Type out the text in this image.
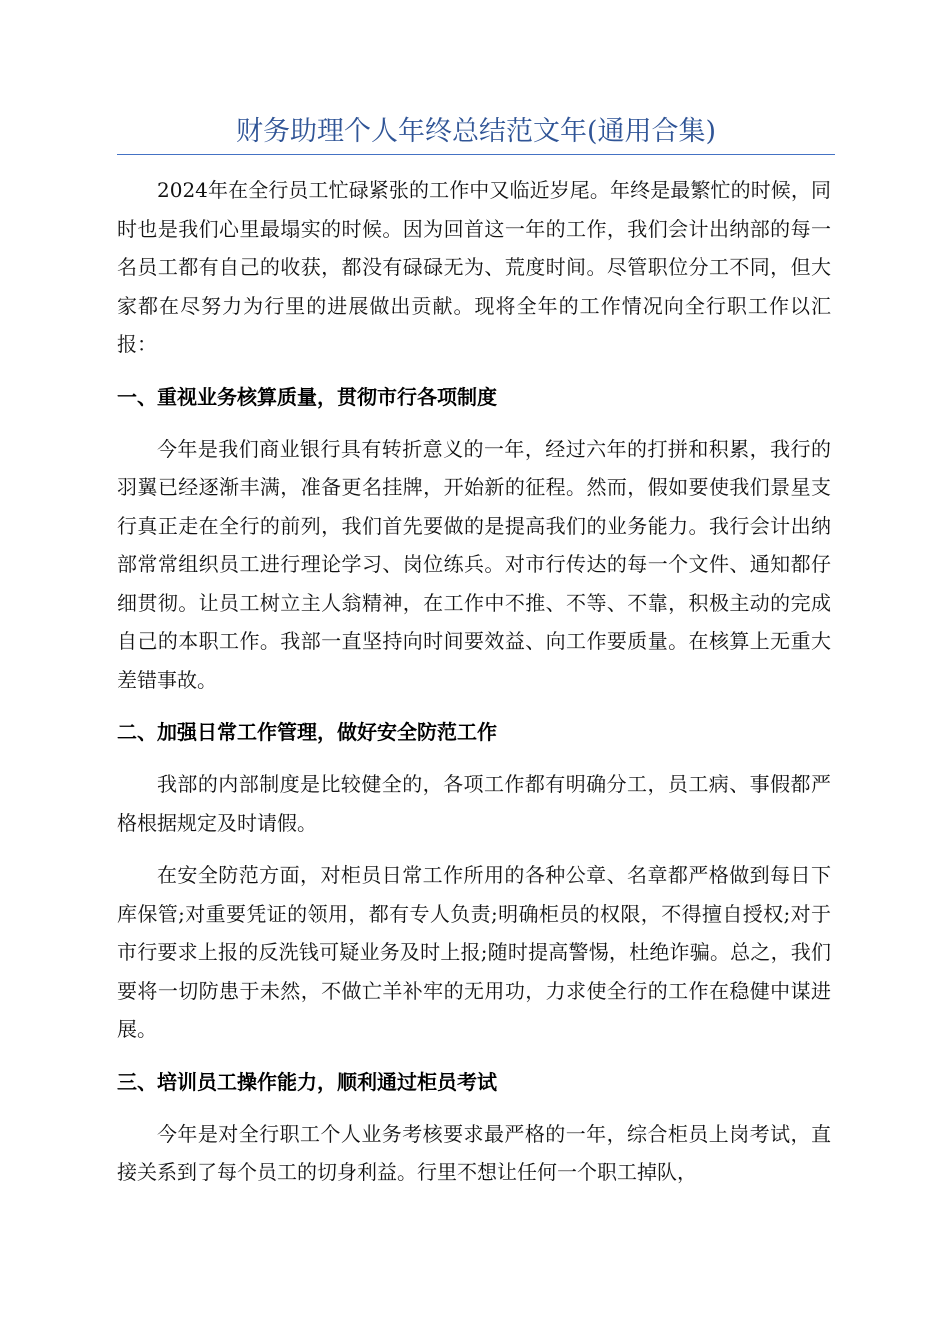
财务助理个人年终总结范文年(通用合集)

2024年在全行员工忙碌紧张的工作中又临近岁尾。年终是最繁忙的时候，同时也是我们心里最塌实的时候。因为回首这一年的工作，我们会计出纳部的每一名员工都有自己的收获，都没有碌碌无为、荒度时间。尽管职位分工不同，但大家都在尽努力为行里的进展做出贡献。现将全年的工作情况向全行职工作以汇报：

一、重视业务核算质量，贯彻市行各项制度

今年是我们商业银行具有转折意义的一年，经过六年的打拼和积累，我行的羽翼已经逐渐丰满，准备更名挂牌，开始新的征程。然而，假如要使我们景星支行真正走在全行的前列，我们首先要做的是提高我们的业务能力。我行会计出纳部常常组织员工进行理论学习、岗位练兵。对市行传达的每一个文件、通知都仔细贯彻。让员工树立主人翁精神，在工作中不推、不等、不靠，积极主动的完成自己的本职工作。我部一直坚持向时间要效益、向工作要质量。在核算上无重大差错事故。

二、加强日常工作管理，做好安全防范工作

我部的内部制度是比较健全的，各项工作都有明确分工，员工病、事假都严格根据规定及时请假。

在安全防范方面，对柜员日常工作所用的各种公章、名章都严格做到每日下库保管;对重要凭证的领用，都有专人负责;明确柜员的权限，不得擅自授权;对于市行要求上报的反洗钱可疑业务及时上报;随时提高警惕，杜绝诈骗。总之，我们要将一切防患于未然，不做亡羊补牢的无用功，力求使全行的工作在稳健中谋进展。

三、培训员工操作能力，顺利通过柜员考试

今年是对全行职工个人业务考核要求最严格的一年，综合柜员上岗考试，直接关系到了每个员工的切身利益。行里不想让任何一个职工掉队，
